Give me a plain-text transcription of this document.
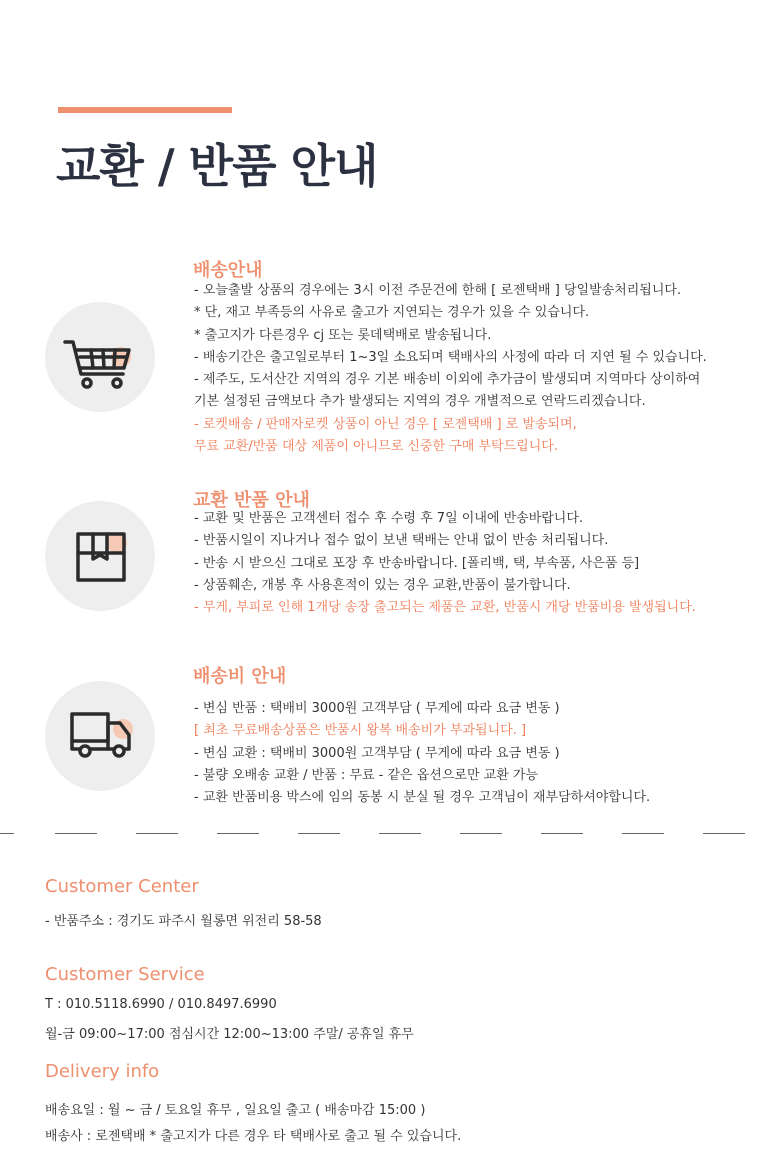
교환 / 반품 안내
배송안내
- 오늘출발 상품의 경우에는 3시 이전 주문건에 한해 [ 로젠택배 ] 당일발송처리됩니다.
* 단, 재고 부족등의 사유로 출고가 지연되는 경우가 있을 수 있습니다.
* 출고지가 다른경우 cj 또는 롯데택배로 발송됩니다.
- 배송기간은 출고일로부터 1~3일 소요되며 택배사의 사정에 따라 더 지연 될 수 있습니다.
- 제주도, 도서산간 지역의 경우 기본 배송비 이외에 추가금이 발생되며 지역마다 상이하여
기본 설정된 금액보다 추가 발생되는 지역의 경우 개별적으로 연락드리겠습니다.
- 로켓배송 / 판매자로켓 상품이 아닌 경우 [ 로젠택배 ] 로 발송되며,
무료 교환/반품 대상 제품이 아니므로 신중한 구매 부탁드립니다.
교환 반품 안내
- 교환 및 반품은 고객센터 접수 후 수령 후 7일 이내에 반송바랍니다.
- 반품시일이 지나거나 접수 없이 보낸 택배는 안내 없이 반송 처리됩니다.
- 반송 시 받으신 그대로 포장 후 반송바랍니다. [폴리백, 택, 부속품, 사은품 등]
- 상품훼손, 개봉 후 사용흔적이 있는 경우 교환,반품이 불가합니다.
- 무게, 부피로 인해 1개당 송장 출고되는 제품은 교환, 반품시 개당 반품비용 발생됩니다.
배송비 안내
- 변심 반품 : 택배비 3000원 고객부담 ( 무게에 따라 요금 변동 )
[ 최초 무료배송상품은 반품시 왕복 배송비가 부과됩니다. ]
- 변심 교환 : 택배비 3000원 고객부담 ( 무게에 따라 요금 변동 )
- 불량 오배송 교환 / 반품 : 무료 - 같은 옵션으로만 교환 가능
- 교환 반품비용 박스에 임의 동봉 시 분실 될 경우 고객님이 재부담하셔야합니다.
Customer Center
- 반품주소 : 경기도 파주시 월롱면 위전리 58-58
Customer Service
T : 010.5118.6990 / 010.8497.6990
월-금 09:00~17:00 점심시간 12:00~13:00 주말/ 공휴일 휴무
Delivery info
배송요일 : 월 ~ 금 / 토요일 휴무 , 일요일 출고 ( 배송마감 15:00 )
배송사 : 로젠택배 * 출고지가 다른 경우 타 택배사로 출고 될 수 있습니다.
